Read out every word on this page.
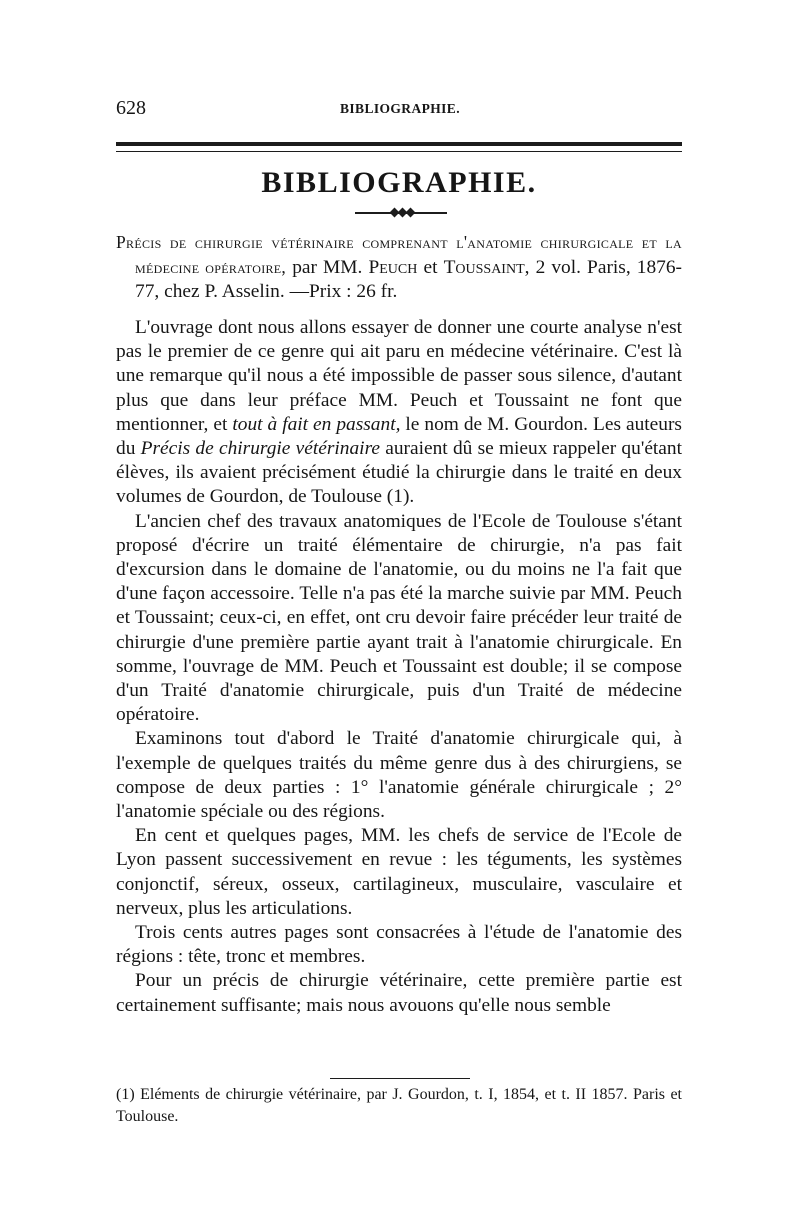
628	BIBLIOGRAPHIE.
BIBLIOGRAPHIE.

Précis de chirurgie vétérinaire comprenant l'anatomie chirurgicale et la médecine opératoire, par MM. Peuch et Toussaint, 2 vol. Paris, 1876-77, chez P. Asselin. —Prix : 26 fr.

L'ouvrage dont nous allons essayer de donner une courte analyse n'est pas le premier de ce genre qui ait paru en médecine vétérinaire. C'est là une remarque qu'il nous a été impossible de passer sous silence, d'autant plus que dans leur préface MM. Peuch et Toussaint ne font que mentionner, et tout à fait en passant, le nom de M. Gourdon. Les auteurs du Précis de chirurgie vétérinaire auraient dû se mieux rappeler qu'étant élèves, ils avaient précisément étudié la chirurgie dans le traité en deux volumes de Gourdon, de Toulouse (1).

L'ancien chef des travaux anatomiques de l'Ecole de Toulouse s'étant proposé d'écrire un traité élémentaire de chirurgie, n'a pas fait d'excursion dans le domaine de l'anatomie, ou du moins ne l'a fait que d'une façon accessoire. Telle n'a pas été la marche suivie par MM. Peuch et Toussaint; ceux-ci, en effet, ont cru devoir faire précéder leur traité de chirurgie d'une première partie ayant trait à l'anatomie chirurgicale. En somme, l'ouvrage de MM. Peuch et Toussaint est double; il se compose d'un Traité d'anatomie chirurgicale, puis d'un Traité de médecine opératoire.

Examinons tout d'abord le Traité d'anatomie chirurgicale qui, à l'exemple de quelques traités du même genre dus à des chirurgiens, se compose de deux parties : 1° l'anatomie générale chirurgicale ; 2° l'anatomie spéciale ou des régions.

En cent et quelques pages, MM. les chefs de service de l'Ecole de Lyon passent successivement en revue : les téguments, les systèmes conjonctif, séreux, osseux, cartilagineux, musculaire, vasculaire et nerveux, plus les articulations.

Trois cents autres pages sont consacrées à l'étude de l'anatomie des régions : tête, tronc et membres.

Pour un précis de chirurgie vétérinaire, cette première partie est certainement suffisante; mais nous avouons qu'elle nous semble

(1) Eléments de chirurgie vétérinaire, par J. Gourdon, t. I, 1854, et t. II 1857. Paris et Toulouse.
